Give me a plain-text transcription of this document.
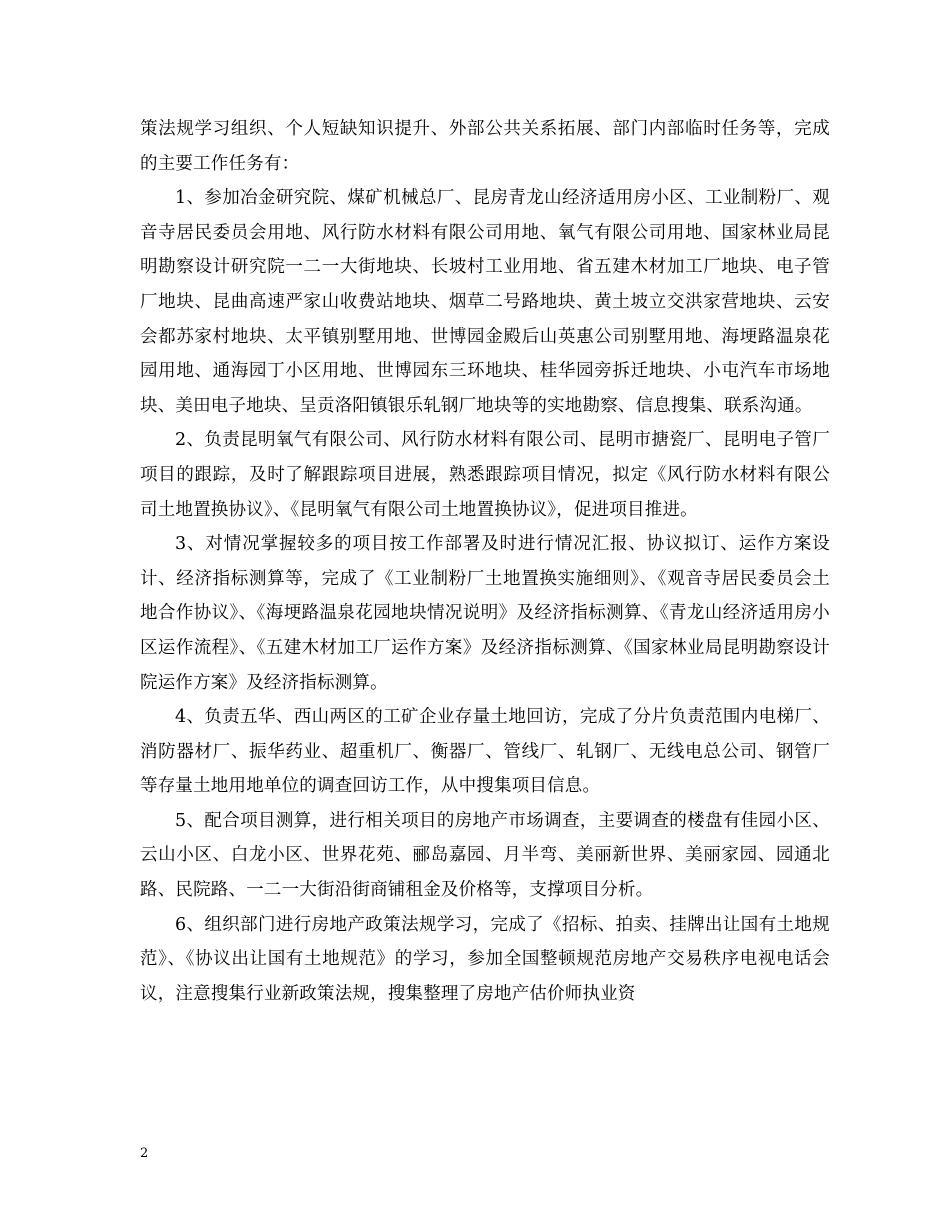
策法规学习组织、个人短缺知识提升、外部公共关系拓展、部门内部临时任务等，完成的主要工作任务有：

1、参加冶金研究院、煤矿机械总厂、昆房青龙山经济适用房小区、工业制粉厂、观音寺居民委员会用地、风行防水材料有限公司用地、氧气有限公司用地、国家林业局昆明勘察设计研究院一二一大街地块、长坡村工业用地、省五建木材加工厂地块、电子管厂地块、昆曲高速严家山收费站地块、烟草二号路地块、黄土坡立交洪家营地块、云安会都苏家村地块、太平镇别墅用地、世博园金殿后山英惠公司别墅用地、海埂路温泉花园用地、通海园丁小区用地、世博园东三环地块、桂华园旁拆迁地块、小屯汽车市场地块、美田电子地块、呈贡洛阳镇银乐轧钢厂地块等的实地勘察、信息搜集、联系沟通。

2、负责昆明氧气有限公司、风行防水材料有限公司、昆明市搪瓷厂、昆明电子管厂项目的跟踪，及时了解跟踪项目进展，熟悉跟踪项目情况，拟定《风行防水材料有限公司土地置换协议》、《昆明氧气有限公司土地置换协议》，促进项目推进。

3、对情况掌握较多的项目按工作部署及时进行情况汇报、协议拟订、运作方案设计、经济指标测算等，完成了《工业制粉厂土地置换实施细则》、《观音寺居民委员会土地合作协议》、《海埂路温泉花园地块情况说明》及经济指标测算、《青龙山经济适用房小区运作流程》、《五建木材加工厂运作方案》及经济指标测算、《国家林业局昆明勘察设计院运作方案》及经济指标测算。

4、负责五华、西山两区的工矿企业存量土地回访，完成了分片负责范围内电梯厂、消防器材厂、振华药业、超重机厂、衡器厂、管线厂、轧钢厂、无线电总公司、钢管厂等存量土地用地单位的调查回访工作，从中搜集项目信息。

5、配合项目测算，进行相关项目的房地产市场调查，主要调查的楼盘有佳园小区、云山小区、白龙小区、世界花苑、郦岛嘉园、月半弯、美丽新世界、美丽家园、园通北路、民院路、一二一大街沿街商铺租金及价格等，支撑项目分析。

6、组织部门进行房地产政策法规学习，完成了《招标、拍卖、挂牌出让国有土地规范》、《协议出让国有土地规范》的学习，参加全国整顿规范房地产交易秩序电视电话会议，注意搜集行业新政策法规，搜集整理了房地产估价师执业资

2
